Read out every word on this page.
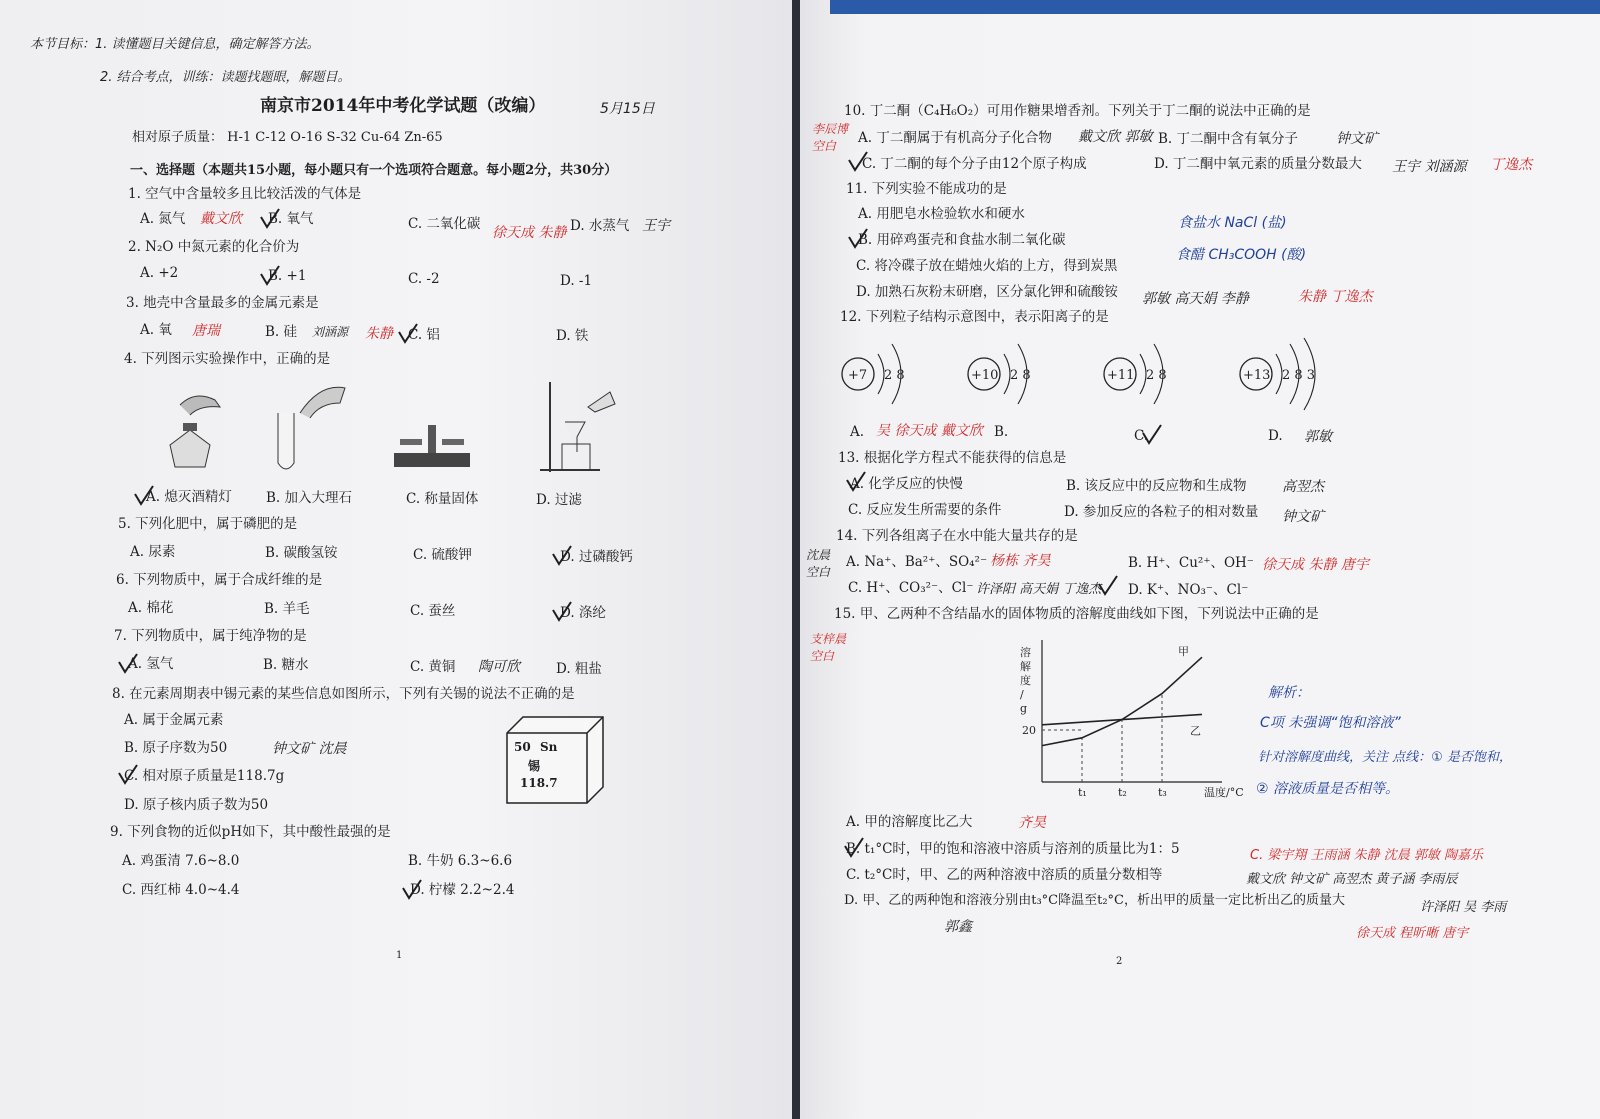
本节目标：1. 读懂题目关键信息，确定解答方法。
2. 结合考点，训练：读题找题眼，解题目。
5月15日
南京市2014年中考化学试题（改编）
相对原子质量： H-1 C-12 O-16 S-32 Cu-64 Zn-65
一、选择题（本题共15小题，每小题只有一个选项符合题意。每小题2分，共30分）
1. 空气中含量较多且比较活泼的气体是
A. 氮气 戴文欣 B. 氧气	C. 二氧化碳
徐天成 朱静 D. 水蒸气 王宇
2. N₂O 中氮元素的化合价为
A. +2	B. +1	C. -2	D. -1
3. 地壳中含量最多的金属元素是
A. 氧 唐瑞	B. 硅 刘涵源 朱静 C. 铝	D. 铁
4. 下列图示实验操作中，正确的是
A. 熄灭酒精灯	B. 加入大理石	C. 称量固体	D. 过滤
5. 下列化肥中，属于磷肥的是
A. 尿素	B. 碳酸氢铵	C. 硫酸钾	D. 过磷酸钙
6. 下列物质中，属于合成纤维的是
A. 棉花	B. 羊毛	C. 蚕丝	D. 涤纶
7. 下列物质中，属于纯净物的是
A. 氢气	B. 糖水	C. 黄铜 陶可欣	D. 粗盐
8. 在元素周期表中锡元素的某些信息如图所示，下列有关锡的说法不正确的是
A. 属于金属元素
B. 原子序数为50	钟文矿 沈晨
C. 相对原子质量是118.7g
D. 原子核内质子数为50
50 Sn
锡
118.7
9. 下列食物的近似pH如下，其中酸性最强的是
A. 鸡蛋清 7.6~8.0	B. 牛奶 6.3~6.6
C. 西红柿 4.0~4.4	D. 柠檬 2.2~2.4
1
10. 丁二酮（C₄H₆O₂）可用作糖果增香剂。下列关于丁二酮的说法中正确的是
李辰博 空白	A. 丁二酮属于有机高分子化合物 戴文欣 郭敏 B. 丁二酮中含有氧分子	钟文矿
C. 丁二酮的每个分子由12个原子构成	D. 丁二酮中氧元素的质量分数最大 王宇 刘涵源 丁逸杰
11. 下列实验不能成功的是
A. 用肥皂水检验软水和硬水
B. 用碎鸡蛋壳和食盐水制二氧化碳
C. 将冷碟子放在蜡烛火焰的上方，得到炭黑
D. 加熟石灰粉末研磨，区分氯化钾和硫酸铵 郭敏 高天娟 李静	朱静 丁逸杰
食盐水 NaCl (盐)
食醋 CH₃COOH (酸)
12. 下列粒子结构示意图中，表示阳离子的是
+7 2 8	+10 2 8	+11 2 8	+13 2 8 3
A. 吴 徐天成 戴文欣 B.	C.	D. 郭敏
13. 根据化学方程式不能获得的信息是
A. 化学反应的快慢	B. 该反应中的反应物和生成物	高翌杰
C. 反应发生所需要的条件	D. 参加反应的各粒子的相对数量 钟文矿
14. 下列各组离子在水中能大量共存的是
沈晨 空白
A. Na⁺、Ba²⁺、SO₄²⁻ 杨栋 齐昊	B. H⁺、Cu²⁺、OH⁻ 徐天成 朱静 唐宇
C. H⁺、CO₃²⁻、Cl⁻ 许泽阳 高天娟 丁逸杰 D. K⁺、NO₃⁻、Cl⁻
15. 甲、乙两种不含结晶水的固体物质的溶解度曲线如下图，下列说法中正确的是
支梓晨 空白	溶
解
度
/
g
温度/°C
20
t₁	t₂	t₃
甲
乙
解析：
C项 未强调“饱和溶液”
针对溶解度曲线，关注 点线：① 是否饱和，
② 溶液质量是否相等。
A. 甲的溶解度比乙大	齐昊
B. t₁°C时，甲的饱和溶液中溶质与溶剂的质量比为1：5
C. t₂°C时，甲、乙的两种溶液中溶质的质量分数相等
D. 甲、乙的两种饱和溶液分别由t₃°C降温至t₂°C，析出甲的质量一定比析出乙的质量大
郭鑫
C. 梁宇翔 王雨涵 朱静 沈晨 郭敏 陶嘉乐
戴文欣 钟文矿 高翌杰 黄子涵 李雨辰
许泽阳 吴 李雨
徐天成 程昕晰 唐宇
2
